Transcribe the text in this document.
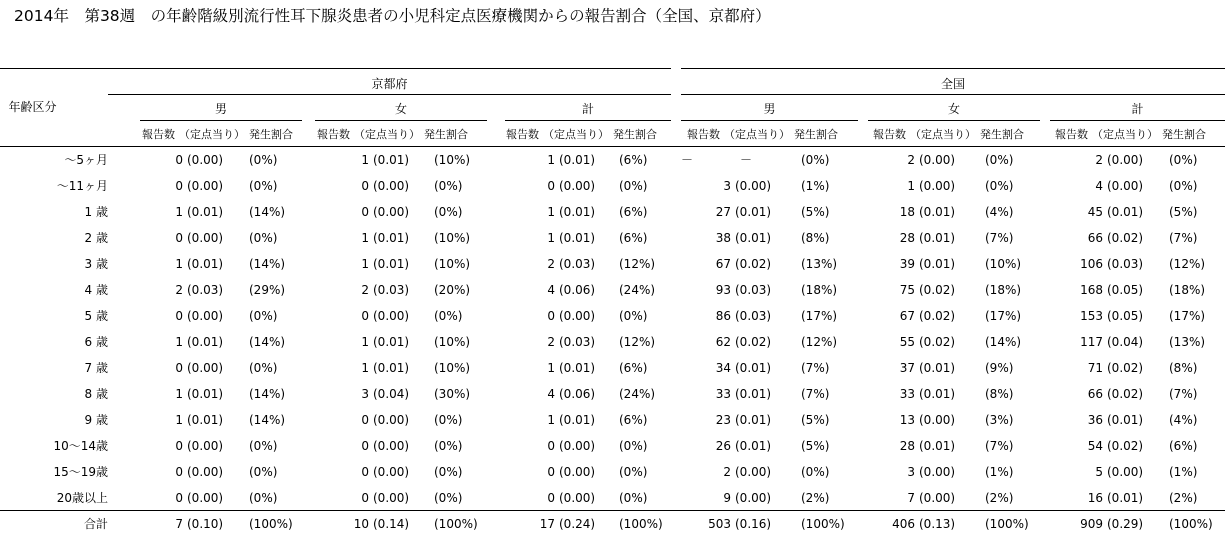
2014年　第38週　の年齢階級別流行性耳下腺炎患者の小児科定点医療機関からの報告割合（全国、京都府）
年齢区分
京都府	全国
男	女	計	男	女	計
報告数 （定点当り） 発生割合	報告数 （定点当り） 発生割合	報告数 （定点当り） 発生割合	報告数 （定点当り） 発生割合	報告数 （定点当り） 発生割合	報告数 （定点当り） 発生割合
～5ヶ月	0 (0.00)	(0%)	1 (0.01)	(10%)	1 (0.01)	(6%)	－	－	(0%)	2 (0.00)	(0%)	2 (0.00)	(0%)
～11ヶ月	0 (0.00)	(0%)	0 (0.00)	(0%)	0 (0.00)	(0%)	3 (0.00)	(1%)	1 (0.00)	(0%)	4 (0.00)	(0%)
1 歳	1 (0.01)	(14%)	0 (0.00)	(0%)	1 (0.01)	(6%)	27 (0.01)	(5%)	18 (0.01)	(4%)	45 (0.01)	(5%)
2 歳	0 (0.00)	(0%)	1 (0.01)	(10%)	1 (0.01)	(6%)	38 (0.01)	(8%)	28 (0.01)	(7%)	66 (0.02)	(7%)
3 歳	1 (0.01)	(14%)	1 (0.01)	(10%)	2 (0.03)	(12%)	67 (0.02)	(13%)	39 (0.01)	(10%)	106 (0.03)	(12%)
4 歳	2 (0.03)	(29%)	2 (0.03)	(20%)	4 (0.06)	(24%)	93 (0.03)	(18%)	75 (0.02)	(18%)	168 (0.05)	(18%)
5 歳	0 (0.00)	(0%)	0 (0.00)	(0%)	0 (0.00)	(0%)	86 (0.03)	(17%)	67 (0.02)	(17%)	153 (0.05)	(17%)
6 歳	1 (0.01)	(14%)	1 (0.01)	(10%)	2 (0.03)	(12%)	62 (0.02)	(12%)	55 (0.02)	(14%)	117 (0.04)	(13%)
7 歳	0 (0.00)	(0%)	1 (0.01)	(10%)	1 (0.01)	(6%)	34 (0.01)	(7%)	37 (0.01)	(9%)	71 (0.02)	(8%)
8 歳	1 (0.01)	(14%)	3 (0.04)	(30%)	4 (0.06)	(24%)	33 (0.01)	(7%)	33 (0.01)	(8%)	66 (0.02)	(7%)
9 歳	1 (0.01)	(14%)	0 (0.00)	(0%)	1 (0.01)	(6%)	23 (0.01)	(5%)	13 (0.00)	(3%)	36 (0.01)	(4%)
10～14歳	0 (0.00)	(0%)	0 (0.00)	(0%)	0 (0.00)	(0%)	26 (0.01)	(5%)	28 (0.01)	(7%)	54 (0.02)	(6%)
15～19歳	0 (0.00)	(0%)	0 (0.00)	(0%)	0 (0.00)	(0%)	2 (0.00)	(0%)	3 (0.00)	(1%)	5 (0.00)	(1%)
20歳以上	0 (0.00)	(0%)	0 (0.00)	(0%)	0 (0.00)	(0%)	9 (0.00)	(2%)	7 (0.00)	(2%)	16 (0.01)	(2%)
合計	7 (0.10)	(100%)	10 (0.14)	(100%)	17 (0.24)	(100%)	503 (0.16)	(100%)	406 (0.13)	(100%)	909 (0.29)	(100%)
